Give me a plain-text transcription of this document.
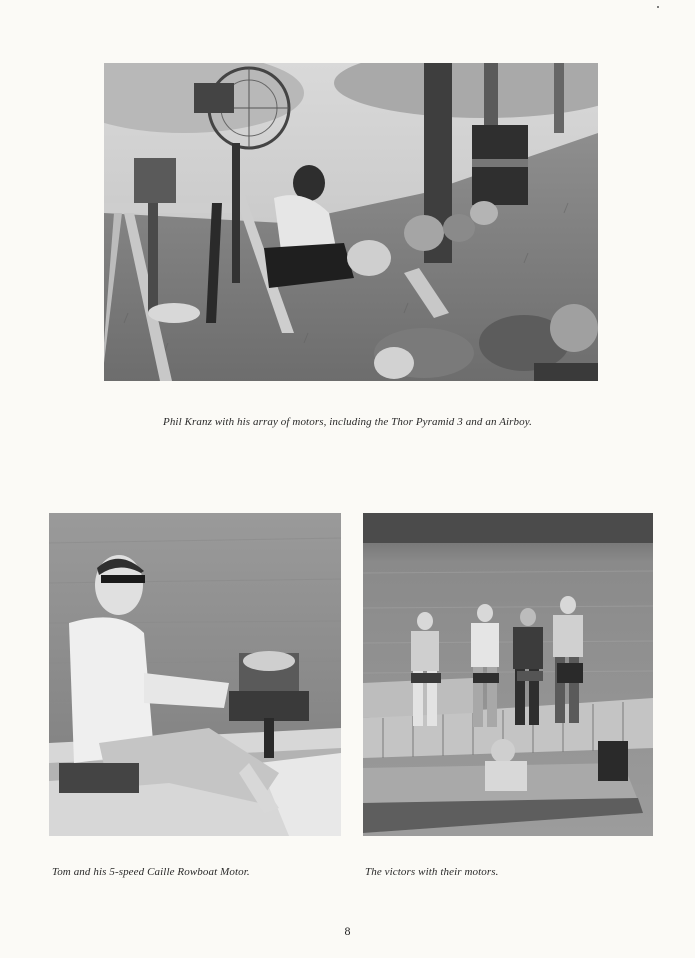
Phil Kranz with his array of motors, including the Thor Pyramid 3 and an Airboy.
Tom and his 5-speed Caille Rowboat Motor.	The victors with their motors.
8
